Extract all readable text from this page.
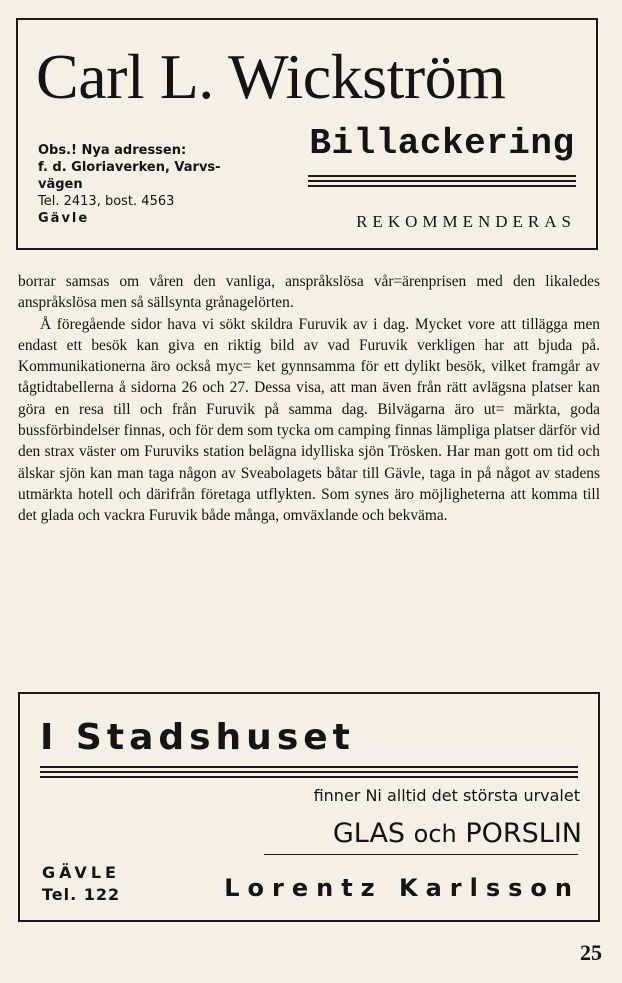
Carl L. Wickström
Obs.! Nya adressen:
f. d. Gloriaverken, Varvs-
vägen
Tel. 2413, bost. 4563
Gävle
Billackering
REKOMMENDERAS

borrar samsas om våren den vanliga, anspråkslösa vår=ärenprisen med den likaledes anspråkslösa men så sällsynta grånagelörten.

Å föregående sidor hava vi sökt skildra Furuvik av i dag. Mycket vore att tillägga men endast ett besök kan giva en riktig bild av vad Furuvik verkligen har att bjuda på. Kommunikationerna äro också myc= ket gynnsamma för ett dylikt besök, vilket framgår av tågtidtabellerna å sidorna 26 och 27. Dessa visa, att man även från rätt avlägsna platser kan göra en resa till och från Furuvik på samma dag. Bilvägarna äro ut= märkta, goda bussförbindelser finnas, och för dem som tycka om camping finnas lämpliga platser därför vid den strax väster om Furuviks station belägna idylliska sjön Trösken. Har man gott om tid och älskar sjön kan man taga någon av Sveabolagets båtar till Gävle, taga in på något av stadens utmärkta hotell och därifrån företaga utflykten. Som synes äro möjligheterna att komma till det glada och vackra Furuvik både många, omväxlande och bekväma.

I Stadshuset
finner Ni alltid det största urvalet
GLAS och PORSLIN
GÄVLE
Tel. 122	Lorentz Karlsson
25
